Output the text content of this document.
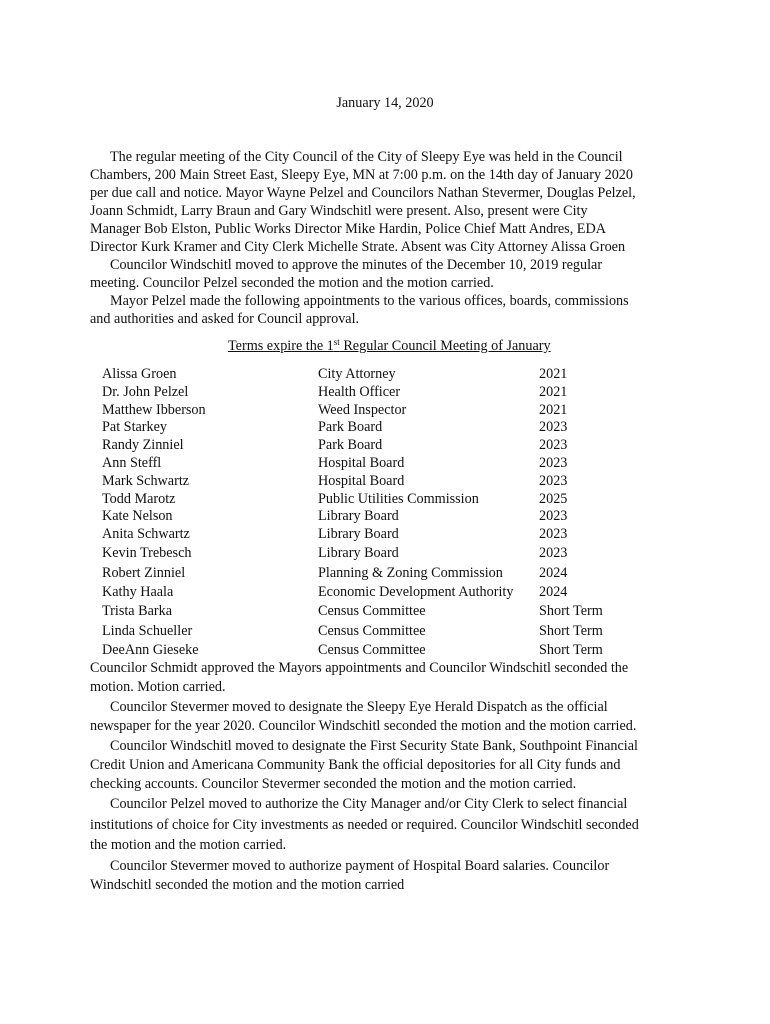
January 14, 2020
The regular meeting of the City Council of the City of Sleepy Eye was held in the Council
Chambers, 200 Main Street East, Sleepy Eye, MN at 7:00 p.m. on the 14th day of January 2020
per due call and notice. Mayor Wayne Pelzel and Councilors Nathan Stevermer, Douglas Pelzel,
Joann Schmidt, Larry Braun and Gary Windschitl were present. Also, present were City
Manager Bob Elston, Public Works Director Mike Hardin, Police Chief Matt Andres, EDA
Director Kurk Kramer and City Clerk Michelle Strate. Absent was City Attorney Alissa Groen
Councilor Windschitl moved to approve the minutes of the December 10, 2019 regular
meeting. Councilor Pelzel seconded the motion and the motion carried.
Mayor Pelzel made the following appointments to the various offices, boards, commissions
and authorities and asked for Council approval.
Terms expire the 1st Regular Council Meeting of January
Alissa Groen	City Attorney	2021
Dr. John Pelzel	Health Officer	2021
Matthew Ibberson	Weed Inspector	2021
Pat Starkey	Park Board	2023
Randy Zinniel	Park Board	2023
Ann Steffl	Hospital Board	2023
Mark Schwartz	Hospital Board	2023
Todd Marotz	Public Utilities Commission	2025
Kate Nelson	Library Board	2023
Anita Schwartz	Library Board	2023
Kevin Trebesch	Library Board	2023
Robert Zinniel	Planning & Zoning Commission	2024
Kathy Haala	Economic Development Authority 2024
Trista Barka	Census Committee	Short Term
Linda Schueller	Census Committee	Short Term
DeeAnn Gieseke	Census Committee	Short Term
Councilor Schmidt approved the Mayors appointments and Councilor Windschitl seconded the
motion. Motion carried.
Councilor Stevermer moved to designate the Sleepy Eye Herald Dispatch as the official
newspaper for the year 2020. Councilor Windschitl seconded the motion and the motion carried.
Councilor Windschitl moved to designate the First Security State Bank, Southpoint Financial
Credit Union and Americana Community Bank the official depositories for all City funds and
checking accounts. Councilor Stevermer seconded the motion and the motion carried.
Councilor Pelzel moved to authorize the City Manager and/or City Clerk to select financial
institutions of choice for City investments as needed or required. Councilor Windschitl seconded
the motion and the motion carried.
Councilor Stevermer moved to authorize payment of Hospital Board salaries. Councilor
Windschitl seconded the motion and the motion carried
